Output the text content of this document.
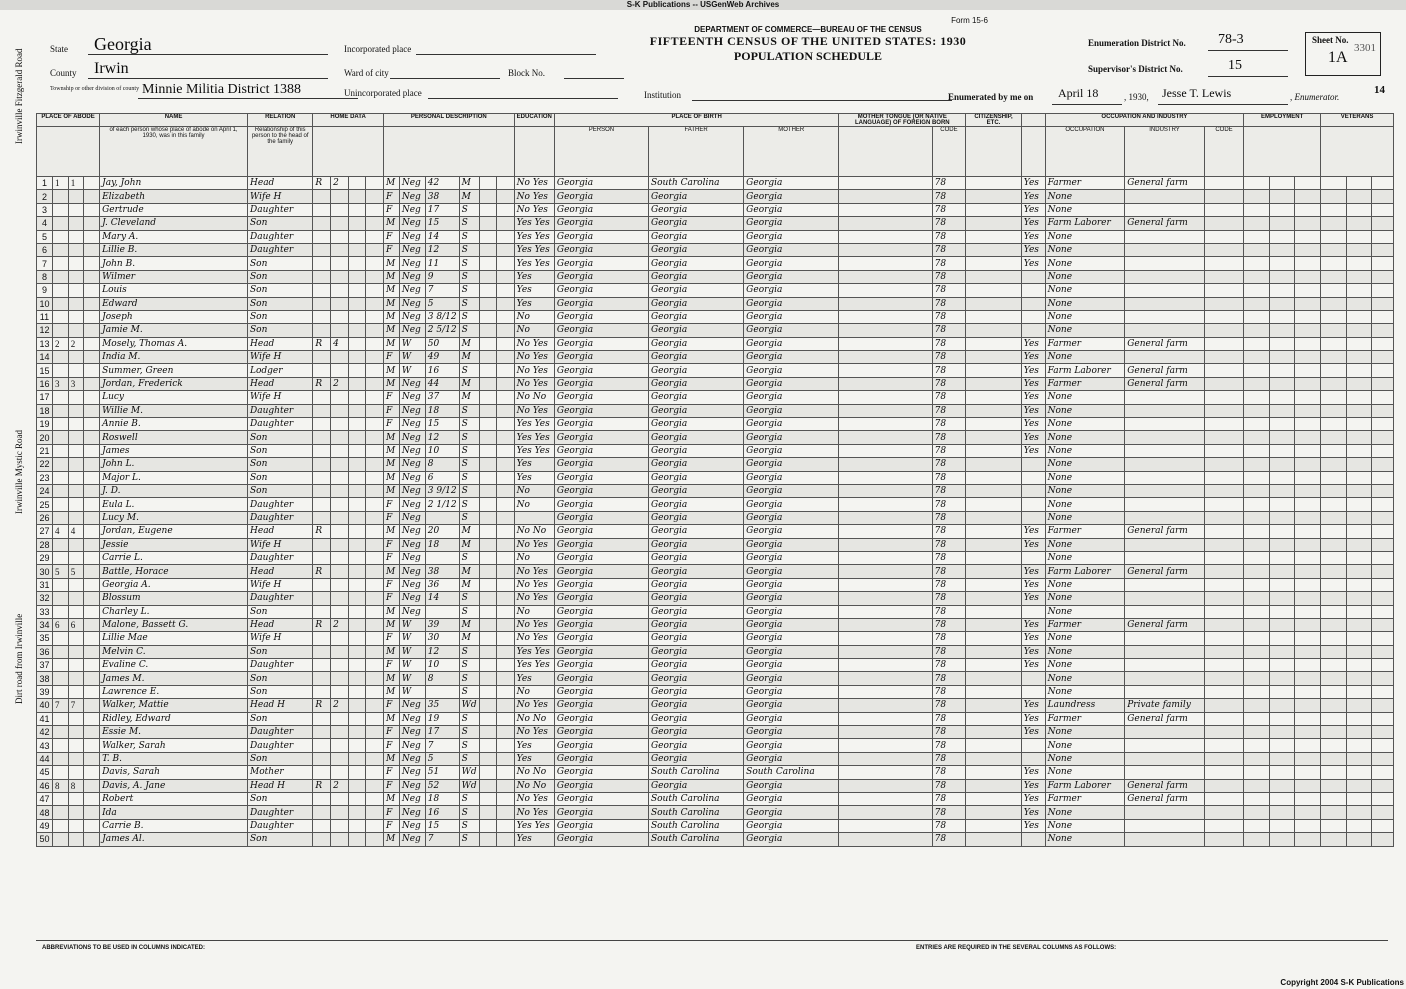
S-K Publications -- USGenWeb Archives
State Georgia
County Irwin
Township or other division of county Minnie Militia District 1388
Incorporated place
Ward of city	Block No.
Unincorporated place	Institution
Form 15-6
DEPARTMENT OF COMMERCE—BUREAU OF THE CENSUS
FIFTEENTH CENSUS OF THE UNITED STATES: 1930
POPULATION SCHEDULE
Enumeration District No. 78-3
Supervisor's District No.	15
Sheet No.
1A
3301
14
Enumerated by me on April 18	, 1930, Jesse T. Lewis	, Enumerator.
PLACE OF ABODE				NAME	RELATION	HOME DATA				PERSONAL DESCRIPTION						EDUCATION	PLACE OF BIRTH			MOTHER TONGUE (OR NATIVE LANGUAGE) OF FOREIGN BORN		CITIZENSHIP, ETC.		OCCUPATION AND INDUSTRY			EMPLOYMENT			VETERANS		
				of each person whose place of abode on April 1, 1930, was in this family	Relationship of this person to the head of the family												PERSON	FATHER	MOTHER		CODE			OCCUPATION	INDUSTRY	CODE						
1	1	1		Jay, John	Head	R	2			M	Neg	42	M			No Yes	Georgia	South Carolina	Georgia		78		Yes	Farmer	General farm							
2				Elizabeth	Wife H					F	Neg	38	M			No Yes	Georgia	Georgia	Georgia		78		Yes	None								
3				Gertrude	Daughter					F	Neg	17	S			No Yes	Georgia	Georgia	Georgia		78		Yes	None								
4				J. Cleveland	Son					M	Neg	15	S			Yes Yes	Georgia	Georgia	Georgia		78		Yes	Farm Laborer	General farm							
5				Mary A.	Daughter					F	Neg	14	S			Yes Yes	Georgia	Georgia	Georgia		78		Yes	None								
6				Lillie B.	Daughter					F	Neg	12	S			Yes Yes	Georgia	Georgia	Georgia		78		Yes	None								
7				John B.	Son					M	Neg	11	S			Yes Yes	Georgia	Georgia	Georgia		78		Yes	None								
8				Wilmer	Son					M	Neg	9	S			Yes	Georgia	Georgia	Georgia		78			None								
9				Louis	Son					M	Neg	7	S			Yes	Georgia	Georgia	Georgia		78			None								
10				Edward	Son					M	Neg	5	S			Yes	Georgia	Georgia	Georgia		78			None								
11				Joseph	Son					M	Neg	3 8/12	S			No	Georgia	Georgia	Georgia		78			None								
12				Jamie M.	Son					M	Neg	2 5/12	S			No	Georgia	Georgia	Georgia		78			None								
13	2	2		Mosely, Thomas A.	Head	R	4			M	W	50	M			No Yes	Georgia	Georgia	Georgia		78		Yes	Farmer	General farm							
14				India M.	Wife H					F	W	49	M			No Yes	Georgia	Georgia	Georgia		78		Yes	None								
15				Summer, Green	Lodger					M	W	16	S			No Yes	Georgia	Georgia	Georgia		78		Yes	Farm Laborer	General farm							
16	3	3		Jordan, Frederick	Head	R	2			M	Neg	44	M			No Yes	Georgia	Georgia	Georgia		78		Yes	Farmer	General farm							
17				Lucy	Wife H					F	Neg	37	M			No No	Georgia	Georgia	Georgia		78		Yes	None								
18				Willie M.	Daughter					F	Neg	18	S			No Yes	Georgia	Georgia	Georgia		78		Yes	None								
19				Annie B.	Daughter					F	Neg	15	S			Yes Yes	Georgia	Georgia	Georgia		78		Yes	None								
20				Roswell	Son					M	Neg	12	S			Yes Yes	Georgia	Georgia	Georgia		78		Yes	None								
21				James	Son					M	Neg	10	S			Yes Yes	Georgia	Georgia	Georgia		78		Yes	None								
22				John L.	Son					M	Neg	8	S			Yes	Georgia	Georgia	Georgia		78			None								
23				Major L.	Son					M	Neg	6	S			Yes	Georgia	Georgia	Georgia		78			None								
24				J. D.	Son					M	Neg	3 9/12	S			No	Georgia	Georgia	Georgia		78			None								
25				Eula L.	Daughter					F	Neg	2 1/12	S			No	Georgia	Georgia	Georgia		78			None								
26				Lucy M.	Daughter					F	Neg		S				Georgia	Georgia	Georgia		78			None								
27	4	4		Jordan, Eugene	Head	R				M	Neg	20	M			No No	Georgia	Georgia	Georgia		78		Yes	Farmer	General farm							
28				Jessie	Wife H					F	Neg	18	M			No Yes	Georgia	Georgia	Georgia		78		Yes	None								
29				Carrie L.	Daughter					F	Neg		S			No	Georgia	Georgia	Georgia		78			None								
30	5	5		Battle, Horace	Head	R				M	Neg	38	M			No Yes	Georgia	Georgia	Georgia		78		Yes	Farm Laborer	General farm							
31				Georgia A.	Wife H					F	Neg	36	M			No Yes	Georgia	Georgia	Georgia		78		Yes	None								
32				Blossum	Daughter					F	Neg	14	S			No Yes	Georgia	Georgia	Georgia		78		Yes	None								
33				Charley L.	Son					M	Neg		S			No	Georgia	Georgia	Georgia		78			None								
34	6	6		Malone, Bassett G.	Head	R	2			M	W	39	M			No Yes	Georgia	Georgia	Georgia		78		Yes	Farmer	General farm							
35				Lillie Mae	Wife H					F	W	30	M			No Yes	Georgia	Georgia	Georgia		78		Yes	None								
36				Melvin C.	Son					M	W	12	S			Yes Yes	Georgia	Georgia	Georgia		78		Yes	None								
37				Evaline C.	Daughter					F	W	10	S			Yes Yes	Georgia	Georgia	Georgia		78		Yes	None								
38				James M.	Son					M	W	8	S			Yes	Georgia	Georgia	Georgia		78			None								
39				Lawrence E.	Son					M	W		S			No	Georgia	Georgia	Georgia		78			None								
40	7	7		Walker, Mattie	Head H	R	2			F	Neg	35	Wd			No Yes	Georgia	Georgia	Georgia		78		Yes	Laundress	Private family							
41				Ridley, Edward	Son					M	Neg	19	S			No No	Georgia	Georgia	Georgia		78		Yes	Farmer	General farm							
42				Essie M.	Daughter					F	Neg	17	S			No Yes	Georgia	Georgia	Georgia		78		Yes	None								
43				Walker, Sarah	Daughter					F	Neg	7	S			Yes	Georgia	Georgia	Georgia		78			None								
44				T. B.	Son					M	Neg	5	S			Yes	Georgia	Georgia	Georgia		78			None								
45				Davis, Sarah	Mother					F	Neg	51	Wd			No No	Georgia	South Carolina	South Carolina		78		Yes	None								
46	8	8		Davis, A. Jane	Head H	R	2			F	Neg	52	Wd			No No	Georgia	Georgia	Georgia		78		Yes	Farm Laborer	General farm							
47				Robert	Son					M	Neg	18	S			No Yes	Georgia	South Carolina	Georgia		78		Yes	Farmer	General farm							
48				Ida	Daughter					F	Neg	16	S			No Yes	Georgia	South Carolina	Georgia		78		Yes	None								
49				Carrie B.	Daughter					F	Neg	15	S			Yes Yes	Georgia	South Carolina	Georgia		78		Yes	None								
50				James Al.	Son					M	Neg	7	S			Yes	Georgia	South Carolina	Georgia		78			None								
ABBREVIATIONS TO BE USED IN COLUMNS INDICATED:	ENTRIES ARE REQUIRED IN THE SEVERAL COLUMNS AS FOLLOWS:
Irwinville Fitzgerald Road
Irwinville Mystic Road
Dirt road from Irwinville
Copyright 2004 S-K Publications
